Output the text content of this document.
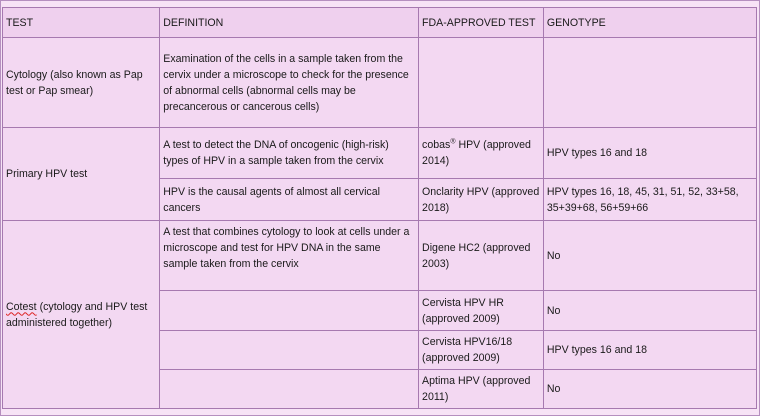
TEST	DEFINITION	FDA-APPROVED TEST	GENOTYPE
Cytology (also known as Pap test or Pap smear)	Examination of the cells in a sample taken from the cervix under a microscope to check for the presence of abnormal cells (abnormal cells may be precancerous or cancerous cells)		
Primary HPV test	A test to detect the DNA of oncogenic (high-risk) types of HPV in a sample taken from the cervix	cobas® HPV (approved 2014)	HPV types 16 and 18
	HPV is the causal agents of almost all cervical cancers	Onclarity HPV (approved 2018)	HPV types 16, 18, 45, 31, 51, 52, 33+58, 35+39+68, 56+59+66
Cotest (cytology and HPV test administered together)	A test that combines cytology to look at cells under a microscope and test for HPV DNA in the same sample taken from the cervix	Digene HC2 (approved 2003)	No
		Cervista HPV HR (approved 2009)	No
		Cervista HPV16/18 (approved 2009)	HPV types 16 and 18
		Aptima HPV (approved 2011)	No
